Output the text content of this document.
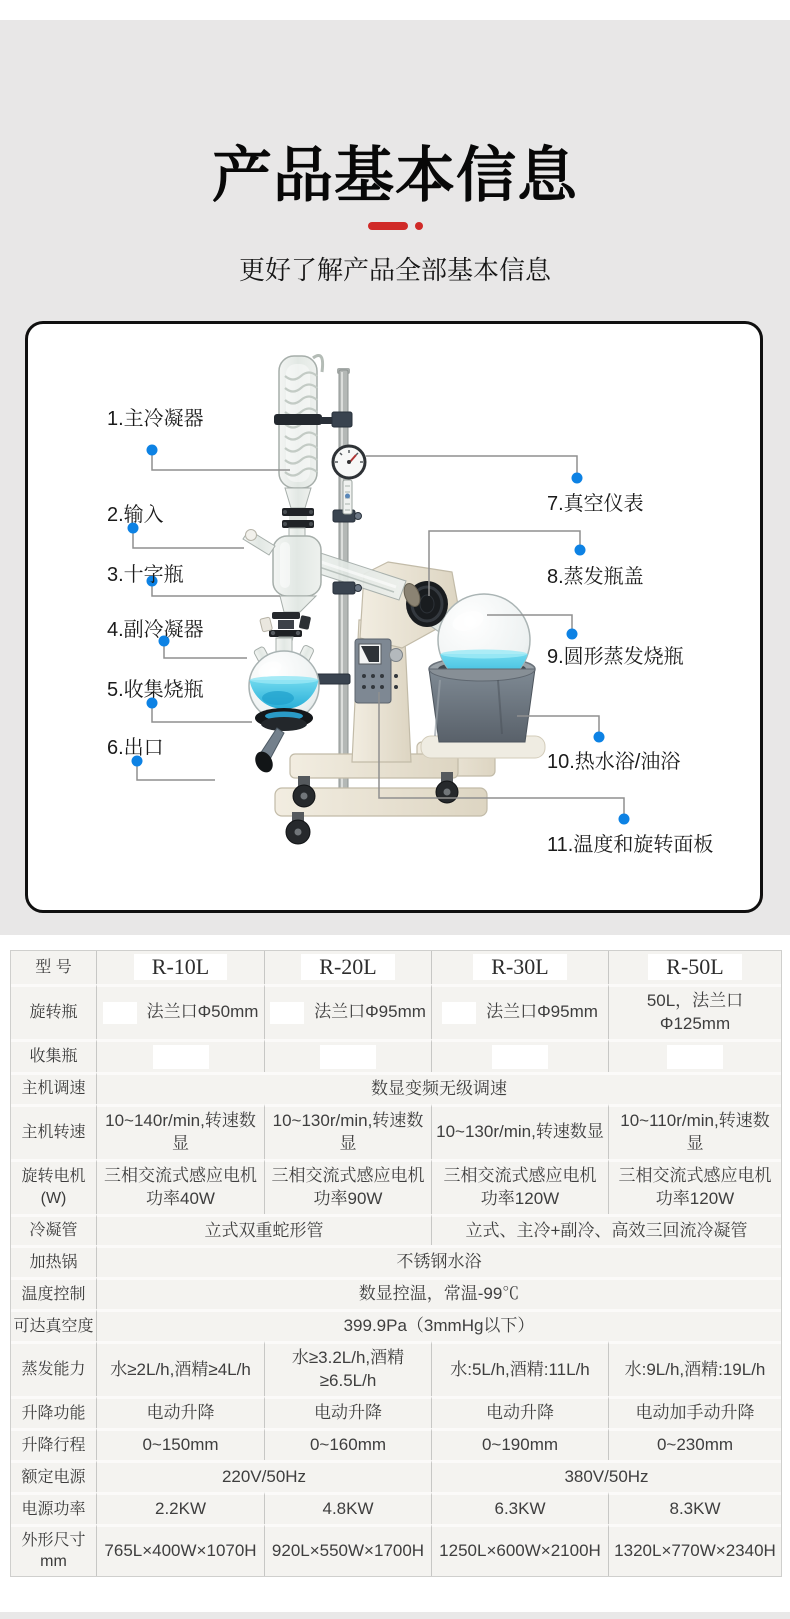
产品基本信息
更好了解产品全部基本信息
1.主冷凝器
2.输入
3.十字瓶
4.副冷凝器
5.收集烧瓶
6.出口
7.真空仪表
8.蒸发瓶盖
9.圆形蒸发烧瓶
10.热水浴/油浴
11.温度和旋转面板
型 号	R-10L	R-20L	R-30L	R-50L
旋转瓶	法兰口Φ50mm	法兰口Φ95mm	法兰口Φ95mm	50L，法兰口Φ125mm
收集瓶				
主机调速	数显变频无级调速			
主机转速	10~140r/min,转速数显	10~130r/min,转速数显	10~130r/min,转速数显	10~110r/min,转速数显
旋转电机(W)	三相交流式感应电机 功率40W	三相交流式感应电机 功率90W	三相交流式感应电机 功率120W	三相交流式感应电机 功率120W
冷凝管	立式双重蛇形管		立式、主冷+副冷、高效三回流冷凝管	
加热锅	不锈钢水浴			
温度控制	数显控温，常温-99℃			
可达真空度	399.9Pa（3mmHg以下）			
蒸发能力	水≥2L/h,酒精≥4L/h	水≥3.2L/h,酒精≥6.5L/h	水:5L/h,酒精:11L/h	水:9L/h,酒精:19L/h
升降功能	电动升降	电动升降	电动升降	电动加手动升降
升降行程	0~150mm	0~160mm	0~190mm	0~230mm
额定电源	220V/50Hz		380V/50Hz	
电源功率	2.2KW	4.8KW	6.3KW	8.3KW
外形尺寸mm	765L×400W×1070H	920L×550W×1700H	1250L×600W×2100H	1320L×770W×2340H
